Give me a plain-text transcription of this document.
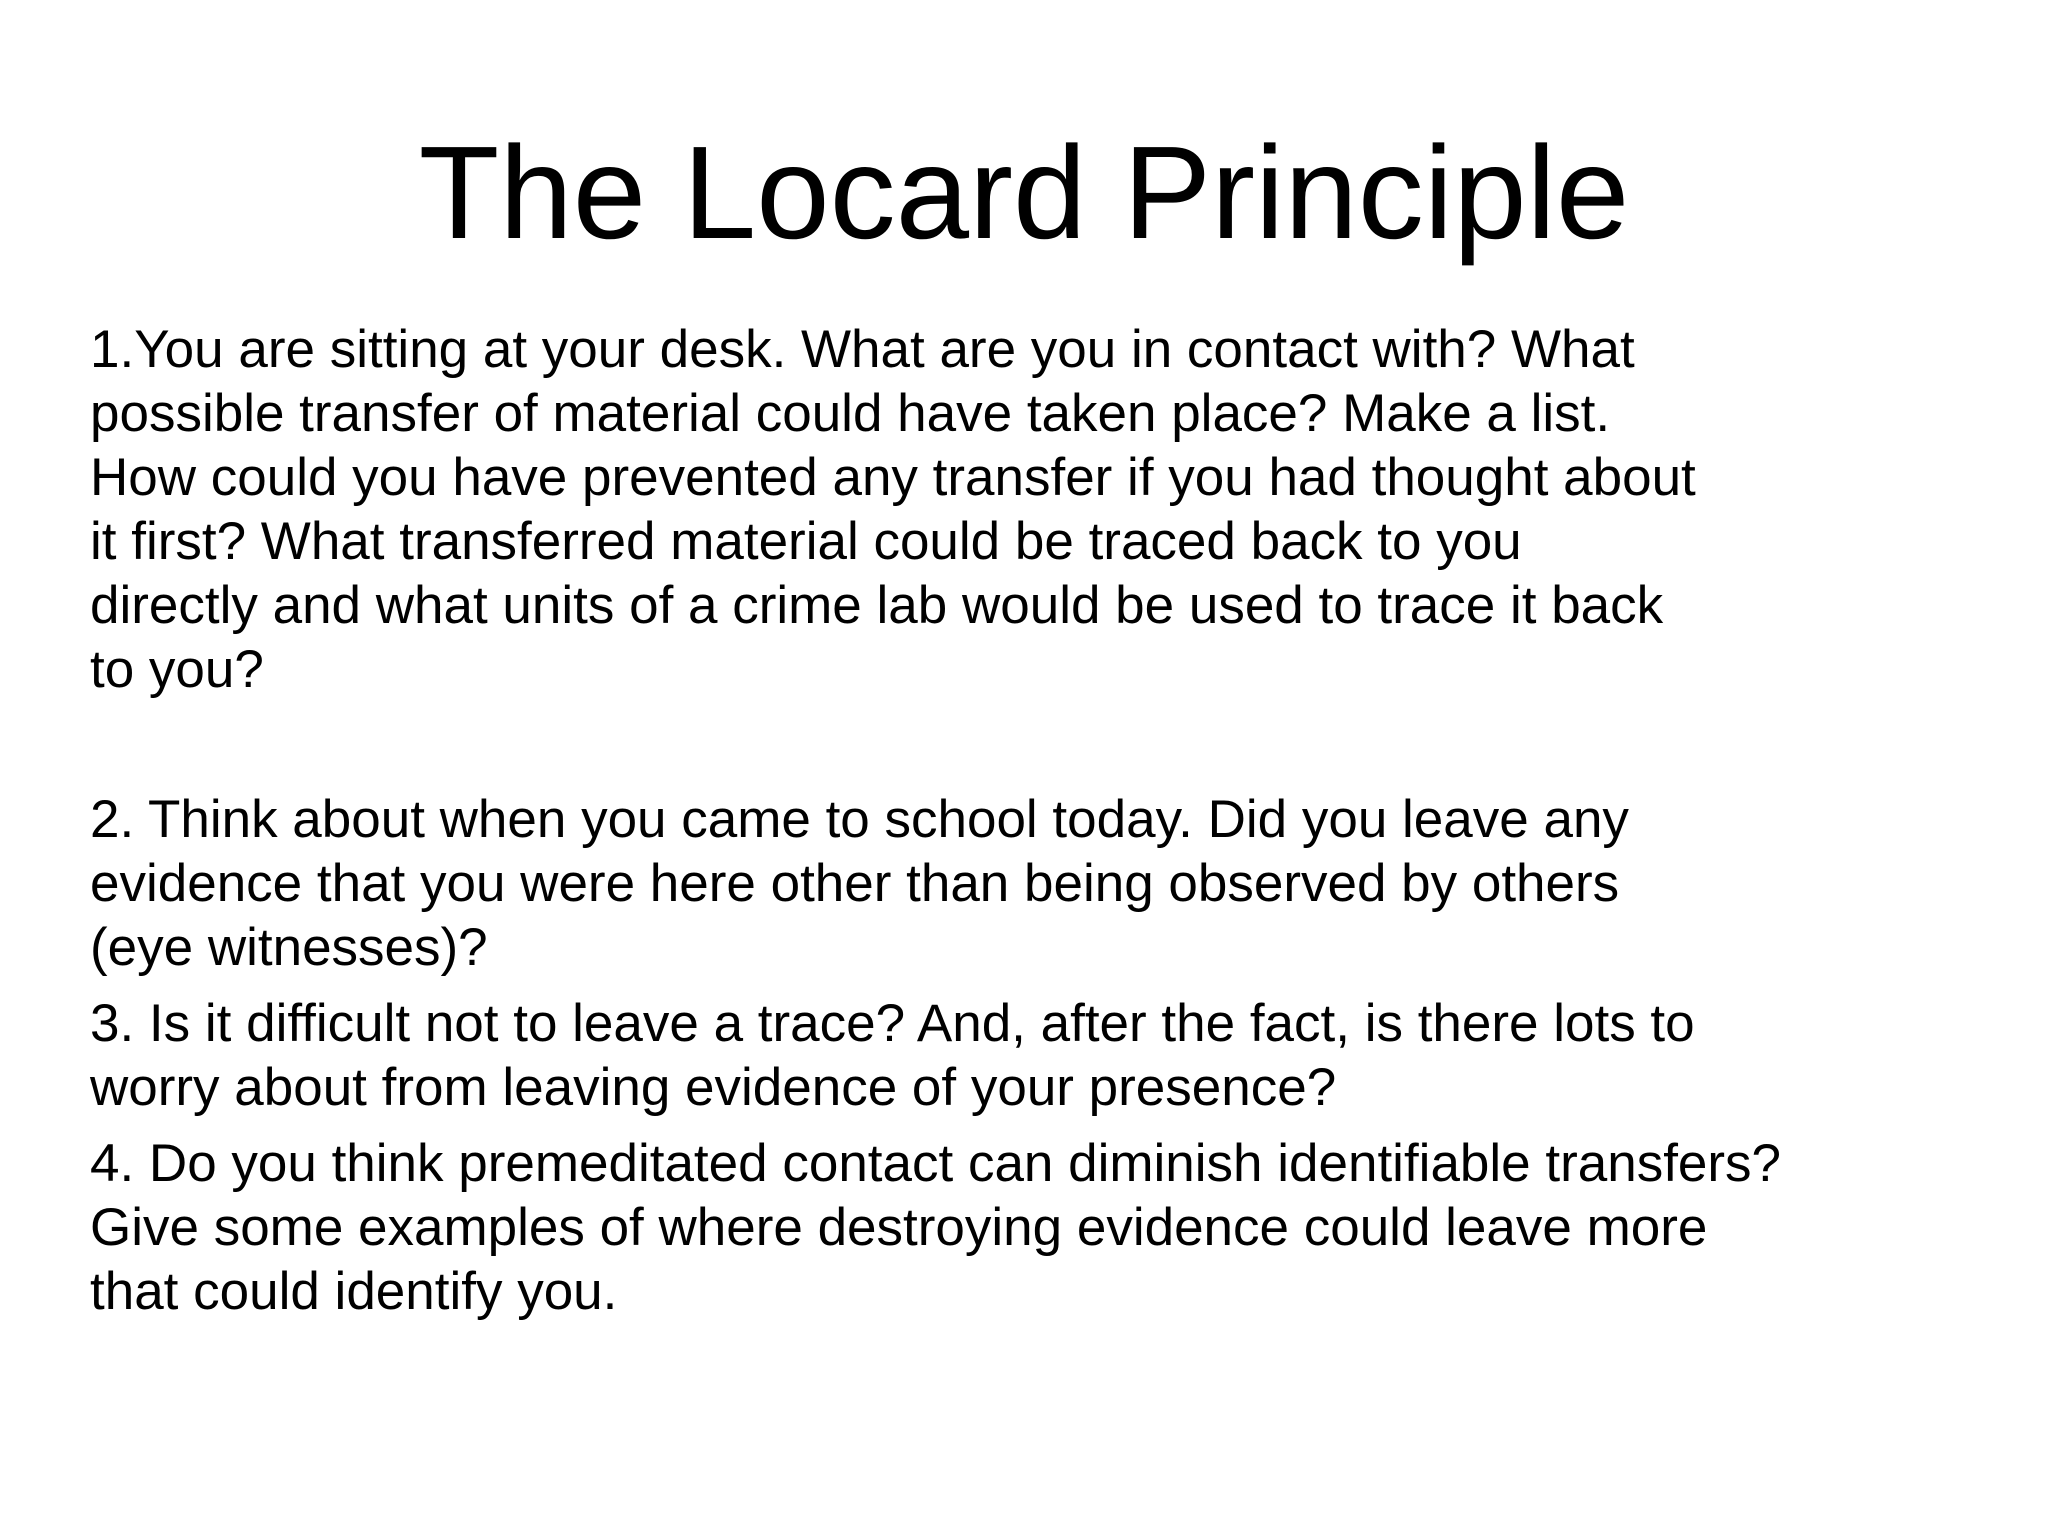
The Locard Principle
1.You are sitting at your desk. What are you in contact with? What
possible transfer of material could have taken place? Make a list.
How could you have prevented any transfer if you had thought about
it first? What transferred material could be traced back to you
directly and what units of a crime lab would be used to trace it back
to you?
2. Think about when you came to school today. Did you leave any
evidence that you were here other than being observed by others
(eye witnesses)?
3. Is it difficult not to leave a trace? And, after the fact, is there lots to
worry about from leaving evidence of your presence?
4. Do you think premeditated contact can diminish identifiable transfers?
Give some examples of where destroying evidence could leave more
that could identify you.
